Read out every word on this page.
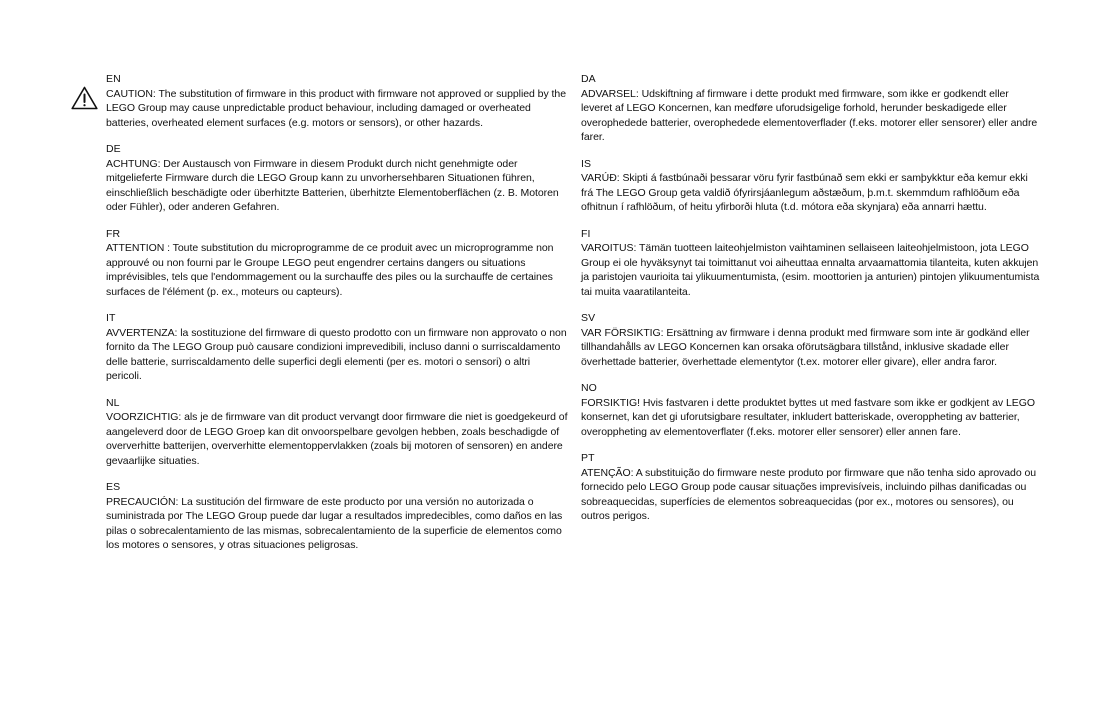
EN
CAUTION: The substitution of firmware in this product with firmware not approved or supplied by the LEGO Group may cause unpredictable product behaviour, including damaged or overheated batteries, overheated element surfaces (e.g. motors or sensors), or other hazards.
DE
ACHTUNG: Der Austausch von Firmware in diesem Produkt durch nicht genehmigte oder mitgelieferte Firmware durch die LEGO Group kann zu unvorhersehbaren Situationen führen, einschließlich beschädigte oder überhitzte Batterien, überhitzte Elementoberflächen (z. B. Motoren oder Fühler), oder anderen Gefahren.
FR
ATTENTION : Toute substitution du microprogramme de ce produit avec un microprogramme non approuvé ou non fourni par le Groupe LEGO peut engendrer certains dangers ou situations imprévisibles, tels que l'endommagement ou la surchauffe des piles ou la surchauffe de certaines surfaces de l'élément (p. ex., moteurs ou capteurs).
IT
AVVERTENZA: la sostituzione del firmware di questo prodotto con un firmware non approvato o non fornito da The LEGO Group può causare condizioni imprevedibili, incluso danni o surriscaldamento delle batterie, surriscaldamento delle superfici degli elementi (per es. motori o sensori) o altri pericoli.
NL
VOORZICHTIG: als je de firmware van dit product vervangt door firmware die niet is goedgekeurd of aangeleverd door de LEGO Groep kan dit onvoorspelbare gevolgen hebben, zoals beschadigde of oververhitte batterijen, oververhitte elementoppervlakken (zoals bij motoren of sensoren) en andere gevaarlijke situaties.
ES
PRECAUCIÓN: La sustitución del firmware de este producto por una versión no autorizada o suministrada por The LEGO Group puede dar lugar a resultados impredecibles, como daños en las pilas o sobrecalentamiento de las mismas, sobrecalentamiento de la superficie de elementos como los motores o sensores, y otras situaciones peligrosas.
DA
ADVARSEL: Udskiftning af firmware i dette produkt med firmware, som ikke er godkendt eller leveret af LEGO Koncernen, kan medføre uforudsigelige forhold, herunder beskadigede eller overophedede batterier, overophedede elementoverflader (f.eks. motorer eller sensorer) eller andre farer.
IS
VARÚÐ: Skipti á fastbúnaði þessarar vöru fyrir fastbúnað sem ekki er samþykktur eða kemur ekki frá The LEGO Group geta valdið ófyrirsjáanlegum aðstæðum, þ.m.t. skemmdum rafhlöðum eða ofhitnun í rafhlöðum, of heitu yfirborði hluta (t.d. mótora eða skynjara) eða annarri hættu.
FI
VAROITUS: Tämän tuotteen laiteohjelmiston vaihtaminen sellaiseen laiteohjelmistoon, jota LEGO Group ei ole hyväksynyt tai toimittanut voi aiheuttaa ennalta arvaamattomia tilanteita, kuten akkujen ja paristojen vaurioita tai ylikuumentumista, (esim. moottorien ja anturien) pintojen ylikuumentumista tai muita vaaratilanteita.
SV
VAR FÖRSIKTIG: Ersättning av firmware i denna produkt med firmware som inte är godkänd eller tillhandahålls av LEGO Koncernen kan orsaka oförutsägbara tillstånd, inklusive skadade eller överhettade batterier, överhettade elementytor (t.ex. motorer eller givare), eller andra faror.
NO
FORSIKTIG! Hvis fastvaren i dette produktet byttes ut med fastvare som ikke er godkjent av LEGO konsernet, kan det gi uforutsigbare resultater, inkludert batteriskade, overoppheting av batterier, overoppheting av elementoverflater (f.eks. motorer eller sensorer) eller annen fare.
PT
ATENÇÃO: A substituição do firmware neste produto por firmware que não tenha sido aprovado ou fornecido pelo LEGO Group pode causar situações imprevisíveis, incluindo pilhas danificadas ou sobreaquecidas, superfícies de elementos sobreaquecidas (por ex., motores ou sensores), ou outros perigos.
